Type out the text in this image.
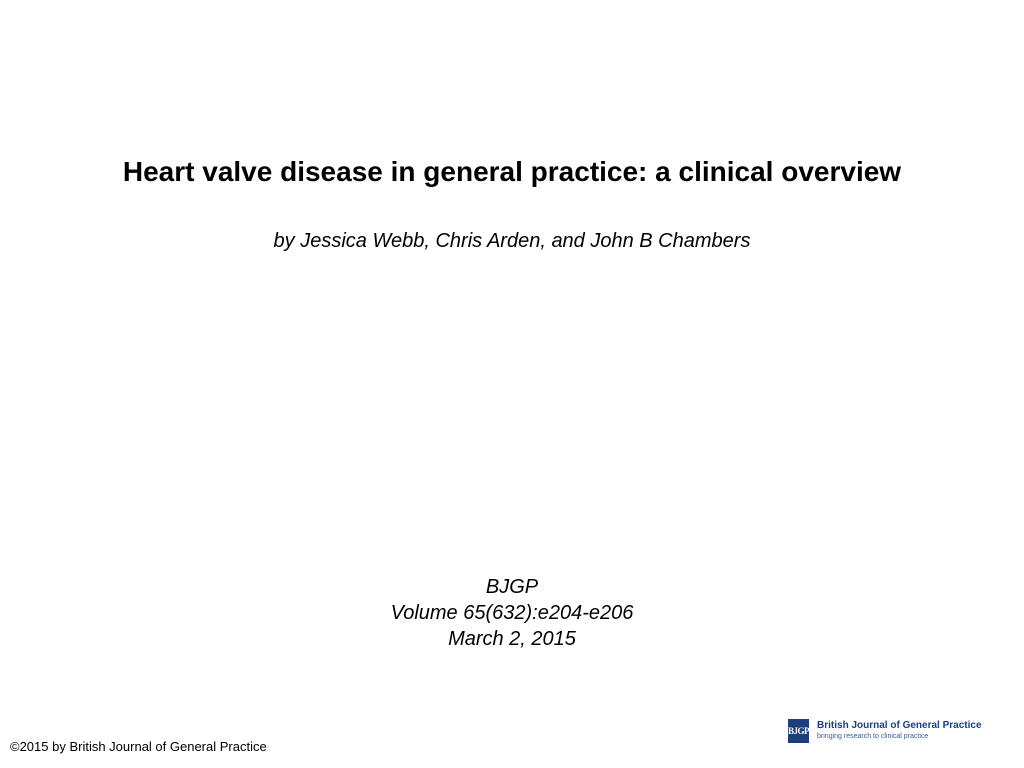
Heart valve disease in general practice: a clinical overview
by Jessica Webb, Chris Arden, and John B Chambers
BJGP
Volume 65(632):e204-e206
March 2, 2015
©2015 by British Journal of General Practice
BJGP British Journal of General Practice
bringing research to clinical practice
